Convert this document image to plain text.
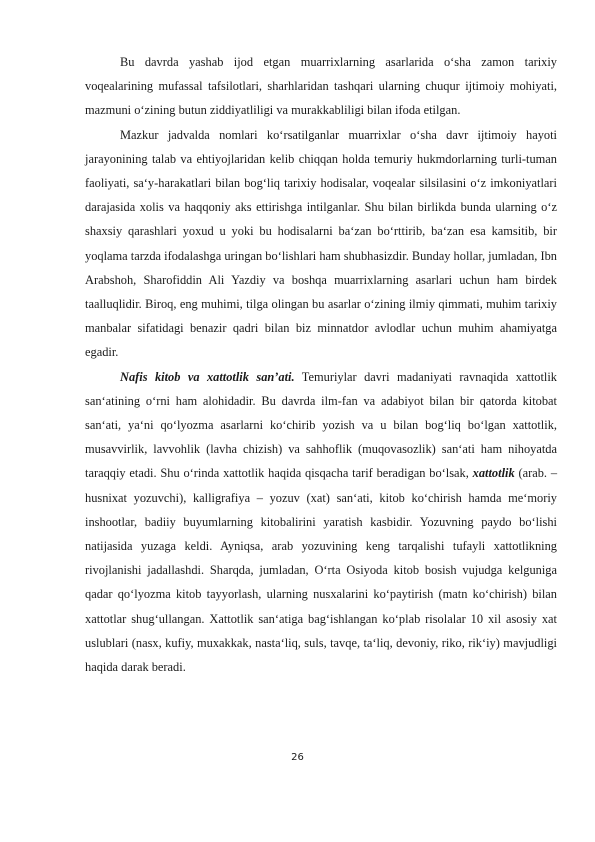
Bu davrda yashab ijod etgan muarrixlarning asarlarida o‘sha zamon tarixiy voqealarining mufassal tafsilotlari, sharhlaridan tashqari ularning chuqur ijtimoiy mohiyati, mazmuni o‘zining butun ziddiyatliligi va murakkabliligi bilan ifoda etilgan.

Mazkur jadvalda nomlari ko‘rsatilganlar muarrixlar o‘sha davr ijtimoiy hayoti jarayonining talab va ehtiyojlaridan kelib chiqqan holda temuriy hukmdorlarning turli-tuman faoliyati, sa‘y-harakatlari bilan bog‘liq tarixiy hodisalar, voqealar silsilasini o‘z imkoniyatlari darajasida xolis va haqqoniy aks ettirishga intilganlar. Shu bilan birlikda bunda ularning o‘z shaxsiy qarashlari yoxud u yoki bu hodisalarni ba‘zan bo‘rttirib, ba‘zan esa kamsitib, bir yoqlama tarzda ifodalashga uringan bo‘lishlari ham shubhasizdir. Bunday hollar, jumladan, Ibn Arabshoh, Sharofiddin Ali Yazdiy va boshqa muarrixlarning asarlari uchun ham birdek taalluqlidir. Biroq, eng muhimi, tilga olingan bu asarlar o‘zining ilmiy qimmati, muhim tarixiy manbalar sifatidagi benazir qadri bilan biz minnatdor avlodlar uchun muhim ahamiyatga egadir.

Nafis kitob va xattotlik san’ati. Temuriylar davri madaniyati ravnaqida xattotlik san‘atining o‘rni ham alohidadir. Bu davrda ilm-fan va adabiyot bilan bir qatorda kitobat san‘ati, ya‘ni qo‘lyozma asarlarni ko‘chirib yozish va u bilan bog‘liq bo‘lgan xattotlik, musavvirlik, lavvohlik (lavha chizish) va sahhoflik (muqovasozlik) san‘ati ham nihoyatda taraqqiy etadi. Shu o‘rinda xattotlik haqida qisqacha tarif beradigan bo‘lsak, xattotlik (arab. – husnixat yozuvchi), kalligrafiya – yozuv (xat) san‘ati, kitob ko‘chirish hamda me‘moriy inshootlar, badiiy buyumlarning kitobalirini yaratish kasbidir. Yozuvning paydo bo‘lishi natijasida yuzaga keldi. Ayniqsa, arab yozuvining keng tarqalishi tufayli xattotlikning rivojlanishi jadallashdi. Sharqda, jumladan, O‘rta Osiyoda kitob bosish vujudga kelguniga qadar qo‘lyozma kitob tayyorlash, ularning nusxalarini ko‘paytirish (matn ko‘chirish) bilan xattotlar shug‘ullangan. Xattotlik san‘atiga bag‘ishlangan ko‘plab risolalar 10 xil asosiy xat uslublari (nasx, kufiy, muxakkak, nasta‘liq, suls, tavqe, ta‘liq, devoniy, riko, rik‘iy) mavjudligi haqida darak beradi.

26
